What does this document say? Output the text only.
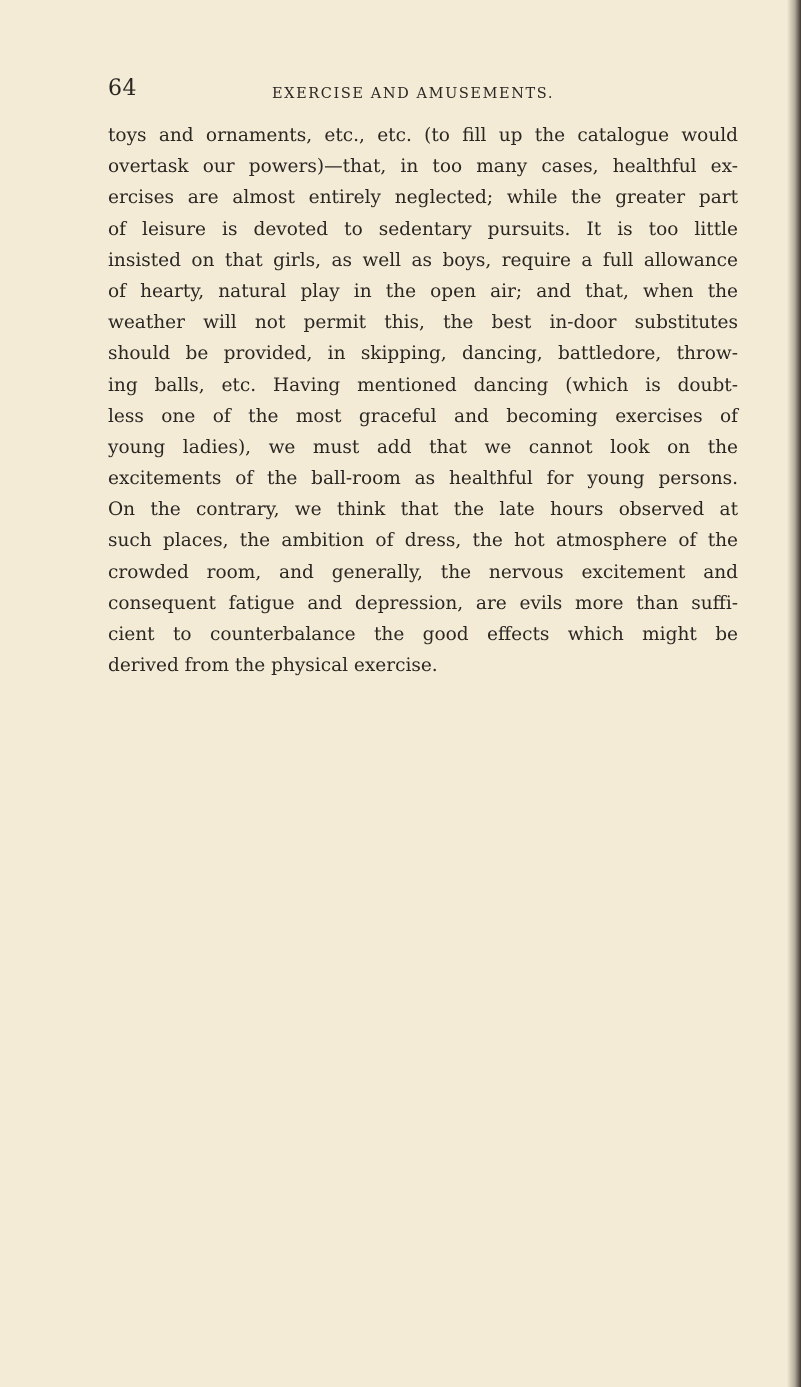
64	EXERCISE AND AMUSEMENTS.
toys and ornaments, etc., etc. (to fill up the catalogue would
overtask our powers)—that, in too many cases, healthful ex-
ercises are almost entirely neglected; while the greater part
of leisure is devoted to sedentary pursuits. It is too little
insisted on that girls, as well as boys, require a full allowance
of hearty, natural play in the open air; and that, when the
weather will not permit this, the best in-door substitutes
should be provided, in skipping, dancing, battledore, throw-
ing balls, etc. Having mentioned dancing (which is doubt-
less one of the most graceful and becoming exercises of
young ladies), we must add that we cannot look on the
excitements of the ball-room as healthful for young persons.
On the contrary, we think that the late hours observed at
such places, the ambition of dress, the hot atmosphere of the
crowded room, and generally, the nervous excitement and
consequent fatigue and depression, are evils more than suffi-
cient to counterbalance the good effects which might be
derived from the physical exercise.
